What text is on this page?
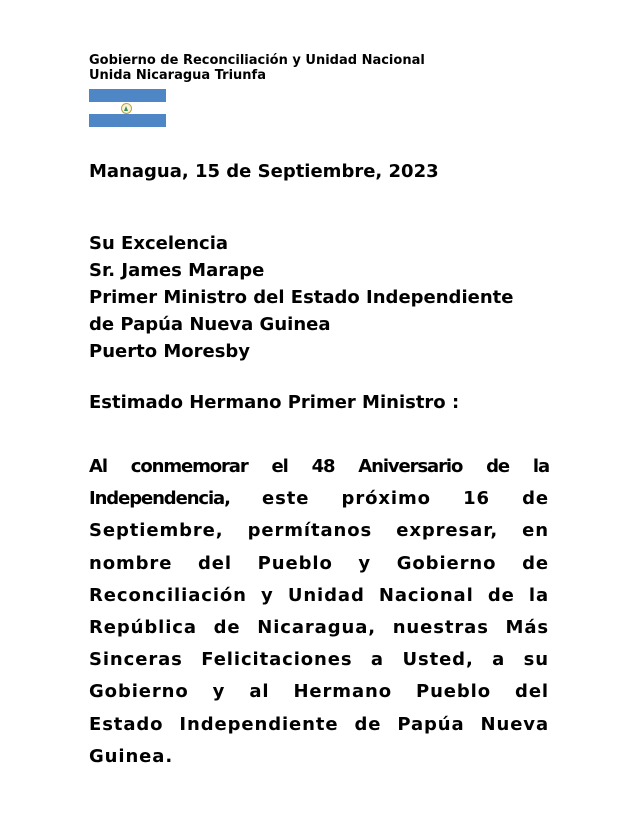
Gobierno de Reconciliación y Unidad Nacional
Unida Nicaragua Triunfa
Managua, 15 de Septiembre, 2023
Su Excelencia
Sr. James Marape
Primer Ministro del Estado Independiente
de Papúa Nueva Guinea
Puerto Moresby
Estimado Hermano Primer Ministro :
Al conmemorar el 48 Aniversario de la Independencia, este próximo 16 de Septiembre, permítanos expresar, en nombre del Pueblo y Gobierno de Reconciliación y Unidad Nacional de la República de Nicaragua, nuestras Más Sinceras Felicitaciones a Usted, a su Gobierno y al Hermano Pueblo del Estado Independiente de Papúa Nueva Guinea.
